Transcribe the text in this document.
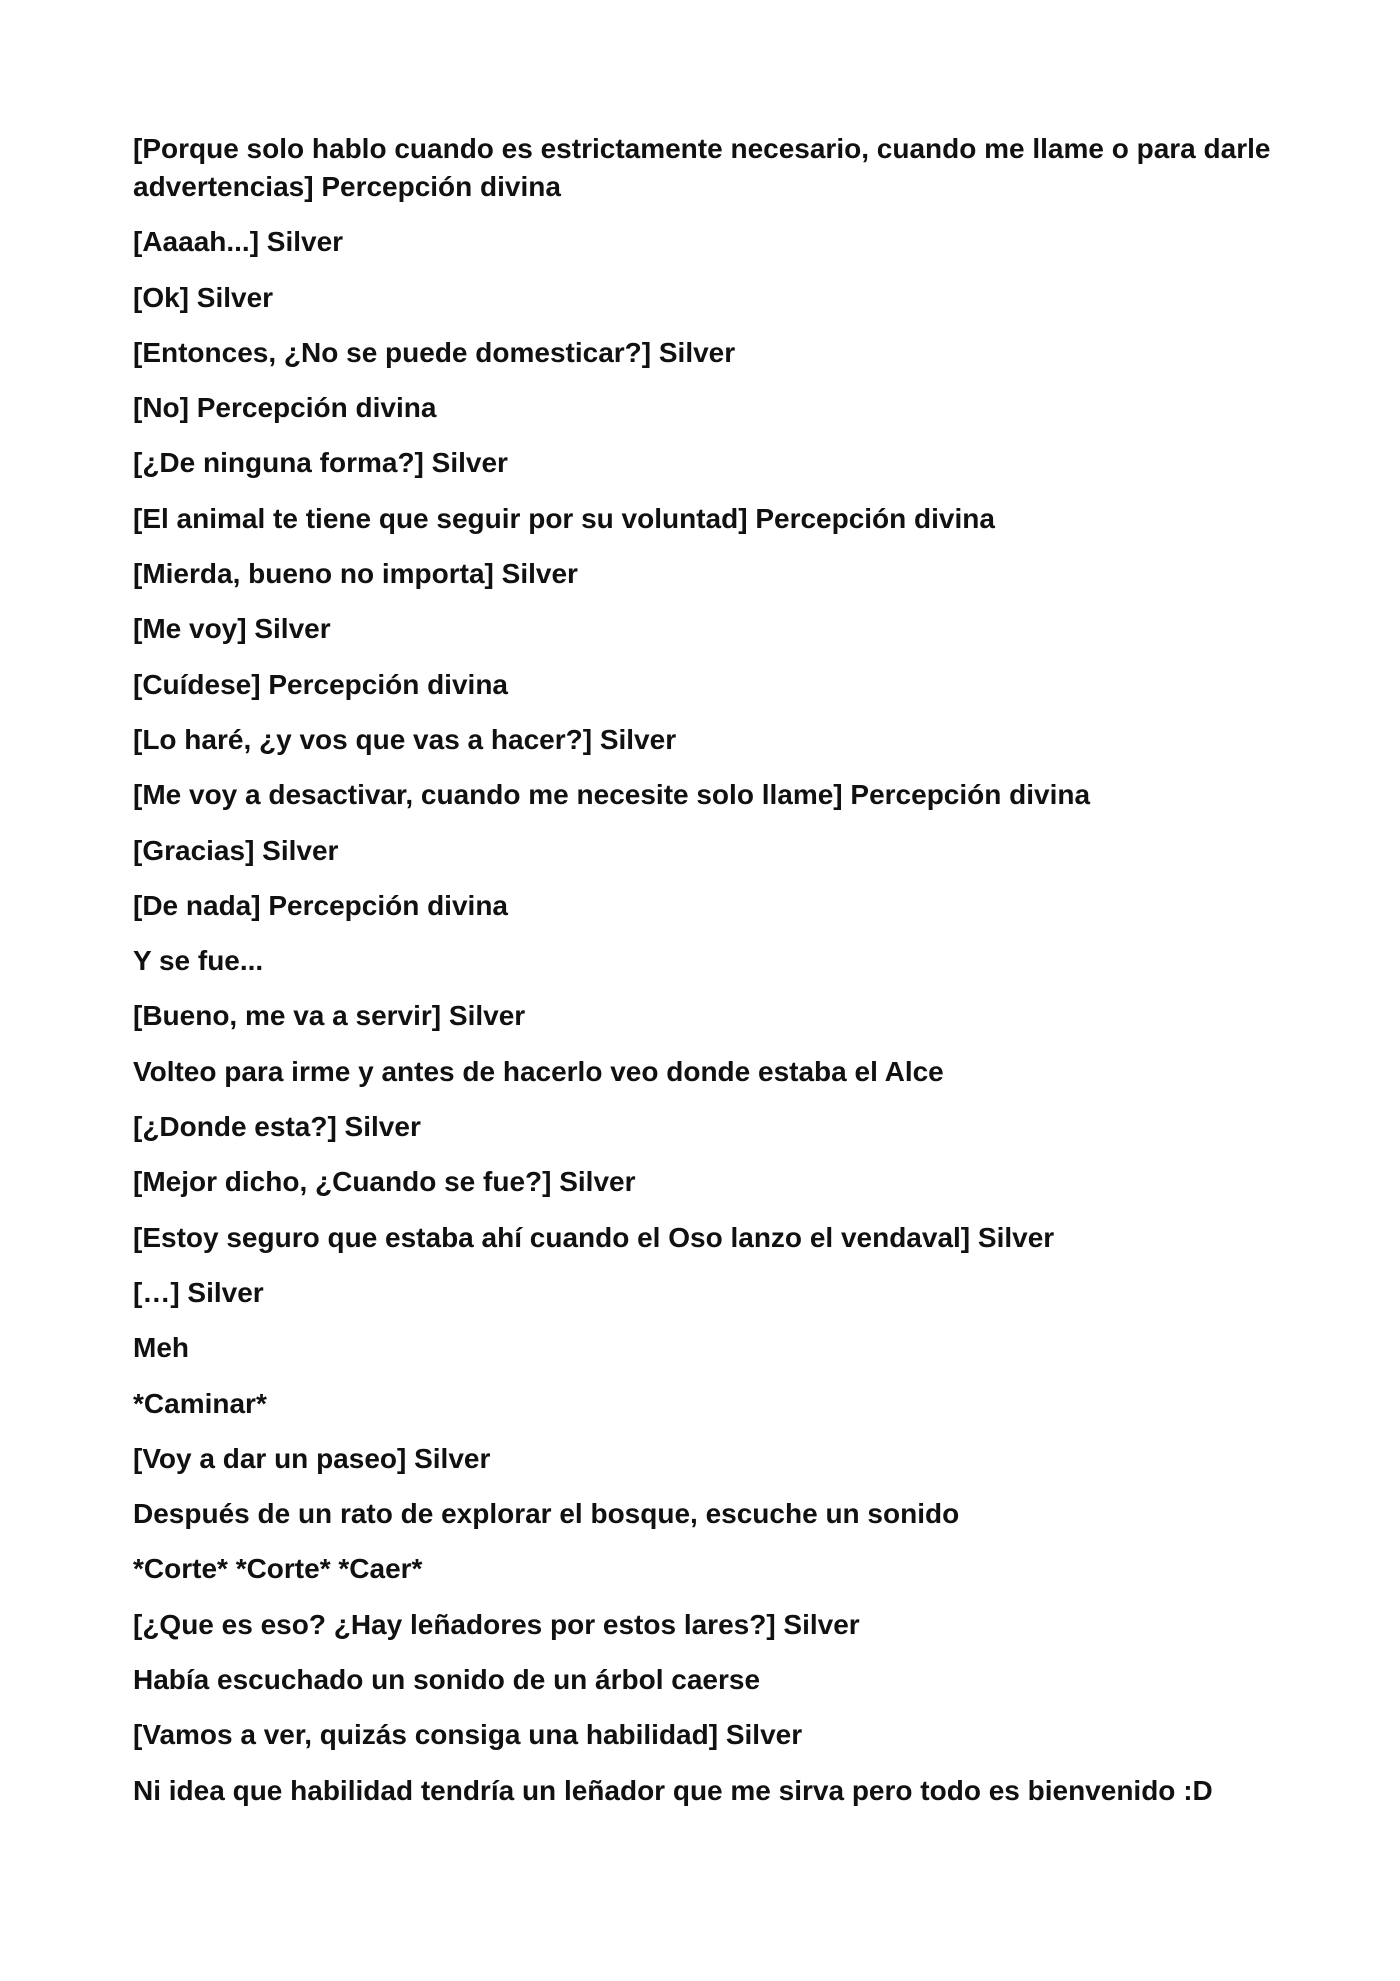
[Porque solo hablo cuando es estrictamente necesario, cuando me llame o para darle advertencias] Percepción divina

[Aaaah...] Silver

[Ok] Silver

[Entonces, ¿No se puede domesticar?] Silver

[No] Percepción divina

[¿De ninguna forma?] Silver

[El animal te tiene que seguir por su voluntad] Percepción divina

[Mierda, bueno no importa] Silver

[Me voy] Silver

[Cuídese] Percepción divina

[Lo haré, ¿y vos que vas a hacer?] Silver

[Me voy a desactivar, cuando me necesite solo llame] Percepción divina

[Gracias] Silver

[De nada] Percepción divina

Y se fue...

[Bueno, me va a servir] Silver

Volteo para irme y antes de hacerlo veo donde estaba el Alce

[¿Donde esta?] Silver

[Mejor dicho, ¿Cuando se fue?] Silver

[Estoy seguro que estaba ahí cuando el Oso lanzo el vendaval] Silver

[…] Silver

Meh

*Caminar*

[Voy a dar un paseo] Silver

Después de un rato de explorar el bosque, escuche un sonido

*Corte* *Corte* *Caer*

[¿Que es eso? ¿Hay leñadores por estos lares?] Silver

Había escuchado un sonido de un árbol caerse

[Vamos a ver, quizás consiga una habilidad] Silver

Ni idea que habilidad tendría un leñador que me sirva pero todo es bienvenido :D
